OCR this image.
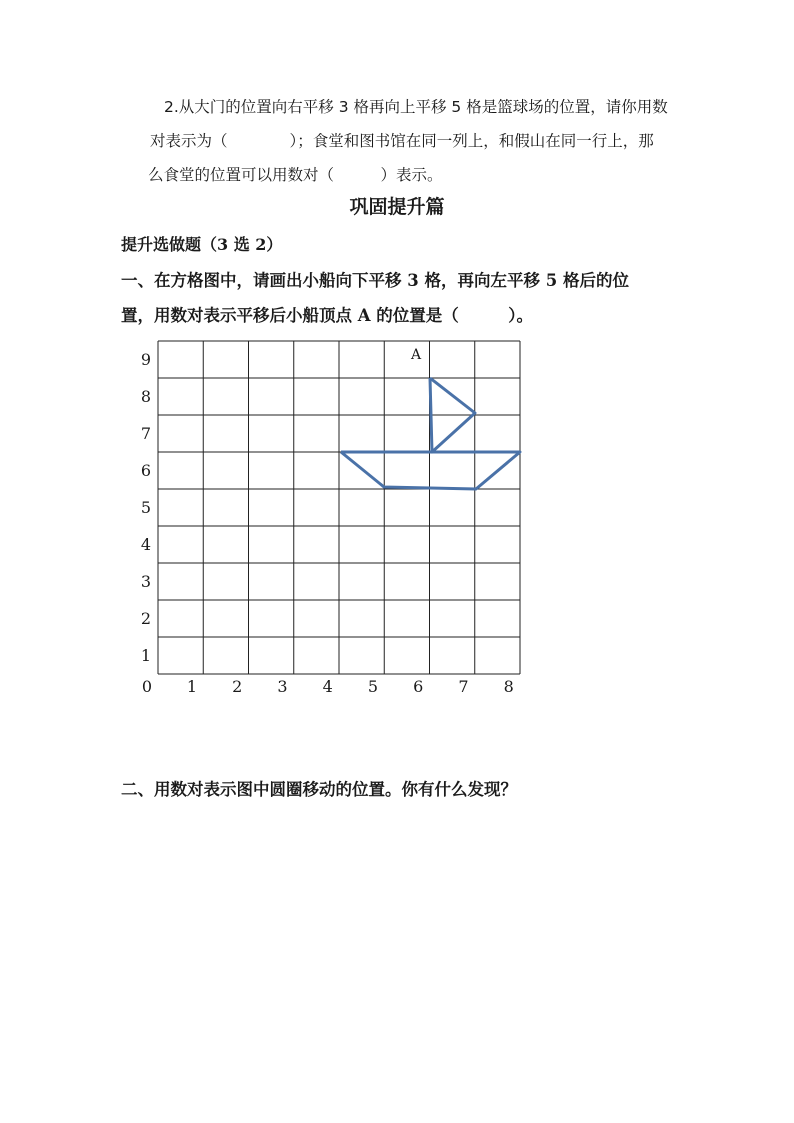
2.从大门的位置向右平移 3 格再向上平移 5 格是篮球场的位置，请你用数
对表示为（　　　　）；食堂和图书馆在同一列上，和假山在同一行上，那
么食堂的位置可以用数对（　　　）表示。
巩固提升篇
提升选做题（3 选 2）
一、在方格图中，请画出小船向下平移 3 格，再向左平移 5 格后的位
置，用数对表示平移后小船顶点 A 的位置是（　　　）。
9
8
7
6
5
4
3
2
1
0 1 2 3 4 5 6 7 8
A
二、用数对表示图中圆圈移动的位置。你有什么发现？
